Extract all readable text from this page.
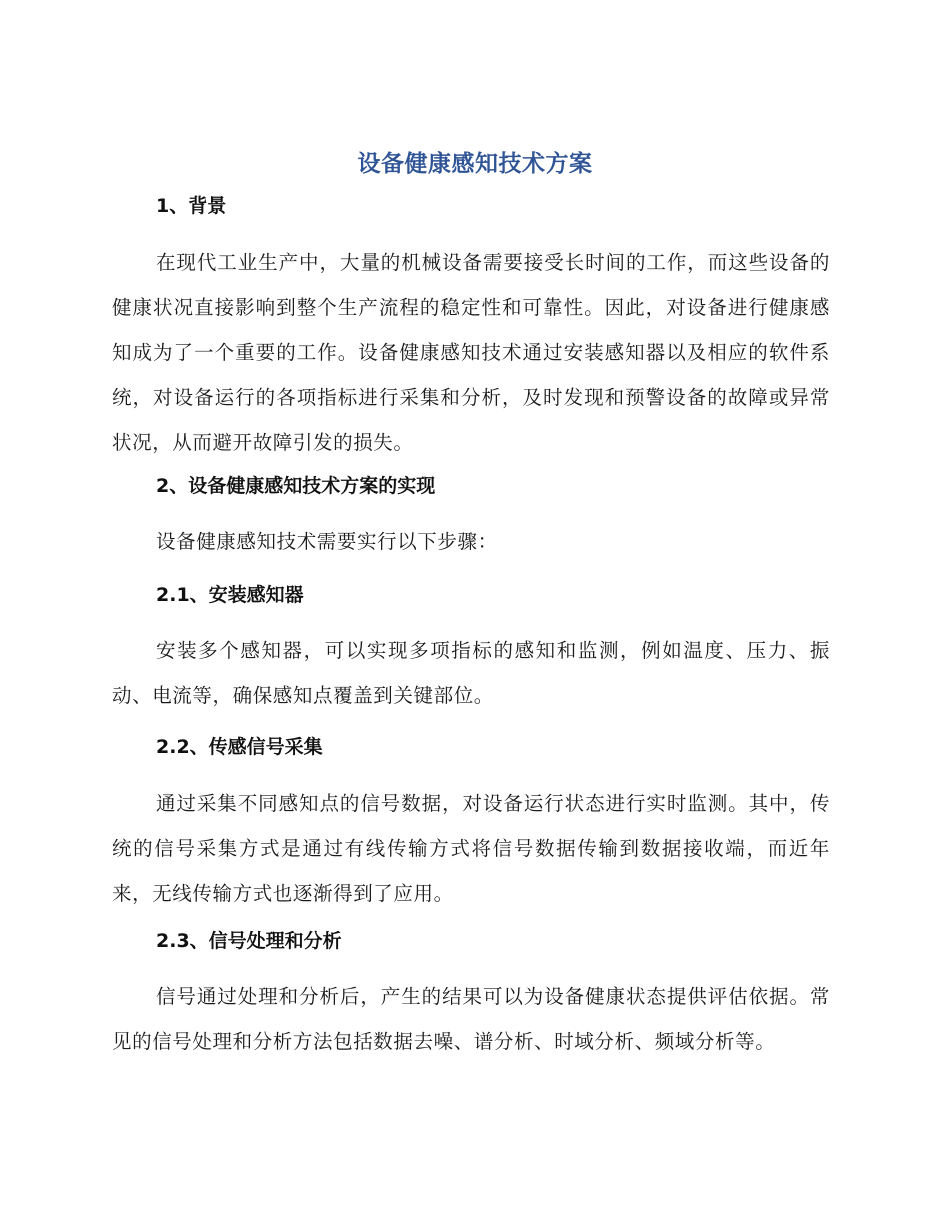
设备健康感知技术方案
1、背景

在现代工业生产中，大量的机械设备需要接受长时间的工作，而这些设备的健康状况直接影响到整个生产流程的稳定性和可靠性。因此，对设备进行健康感知成为了一个重要的工作。设备健康感知技术通过安装感知器以及相应的软件系统，对设备运行的各项指标进行采集和分析，及时发现和预警设备的故障或异常状况，从而避开故障引发的损失。

2、设备健康感知技术方案的实现

设备健康感知技术需要实行以下步骤：

2.1、安装感知器

安装多个感知器，可以实现多项指标的感知和监测，例如温度、压力、振动、电流等，确保感知点覆盖到关键部位。

2.2、传感信号采集

通过采集不同感知点的信号数据，对设备运行状态进行实时监测。其中，传统的信号采集方式是通过有线传输方式将信号数据传输到数据接收端，而近年来，无线传输方式也逐渐得到了应用。

2.3、信号处理和分析

信号通过处理和分析后，产生的结果可以为设备健康状态提供评估依据。常见的信号处理和分析方法包括数据去噪、谱分析、时域分析、频域分析等。
